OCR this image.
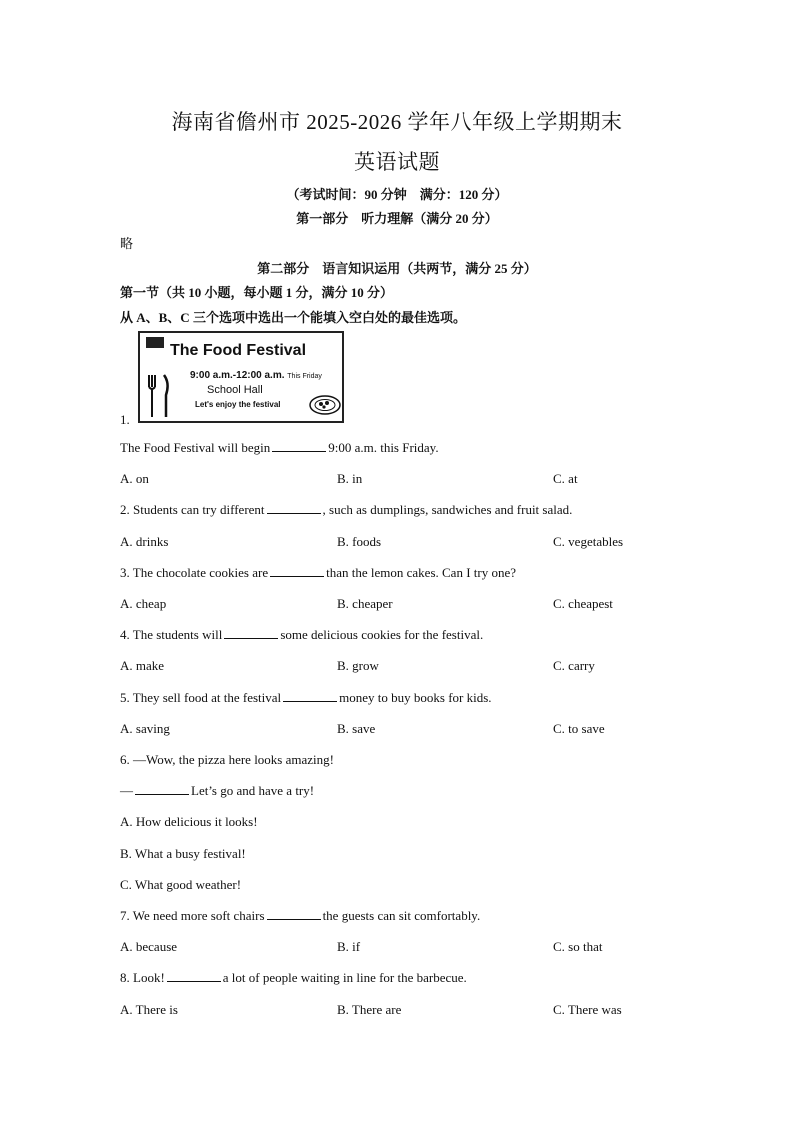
海南省儋州市 2025-2026 学年八年级上学期期末
英语试题
（考试时间：90 分钟　满分：120 分）
第一部分　听力理解（满分 20 分）
略
第二部分　语言知识运用（共两节，满分 25 分）
第一节（共 10 小题，每小题 1 分，满分 10 分）
从 A、B、C 三个选项中选出一个能填入空白处的最佳选项。
The Food Festival
9:00 a.m.-12:00 a.m. This Friday
School Hall
Let's enjoy the festival
1.
The Food Festival will begin	9:00 a.m. this Friday.
A. on	B. in	C. at
2. Students can try different	, such as dumplings, sandwiches and fruit salad.
A. drinks	B. foods	C. vegetables
3. The chocolate cookies are	than the lemon cakes. Can I try one?
A. cheap	B. cheaper	C. cheapest
4. The students will	some delicious cookies for the festival.
A. make	B. grow	C. carry
5. They sell food at the festival	money to buy books for kids.
A. saving	B. save	C. to save
6. —Wow, the pizza here looks amazing!
—	Let’s go and have a try!
A. How delicious it looks!
B. What a busy festival!
C. What good weather!
7. We need more soft chairs	the guests can sit comfortably.
A. because	B. if	C. so that
8. Look!	a lot of people waiting in line for the barbecue.
A. There is	B. There are	C. There was
